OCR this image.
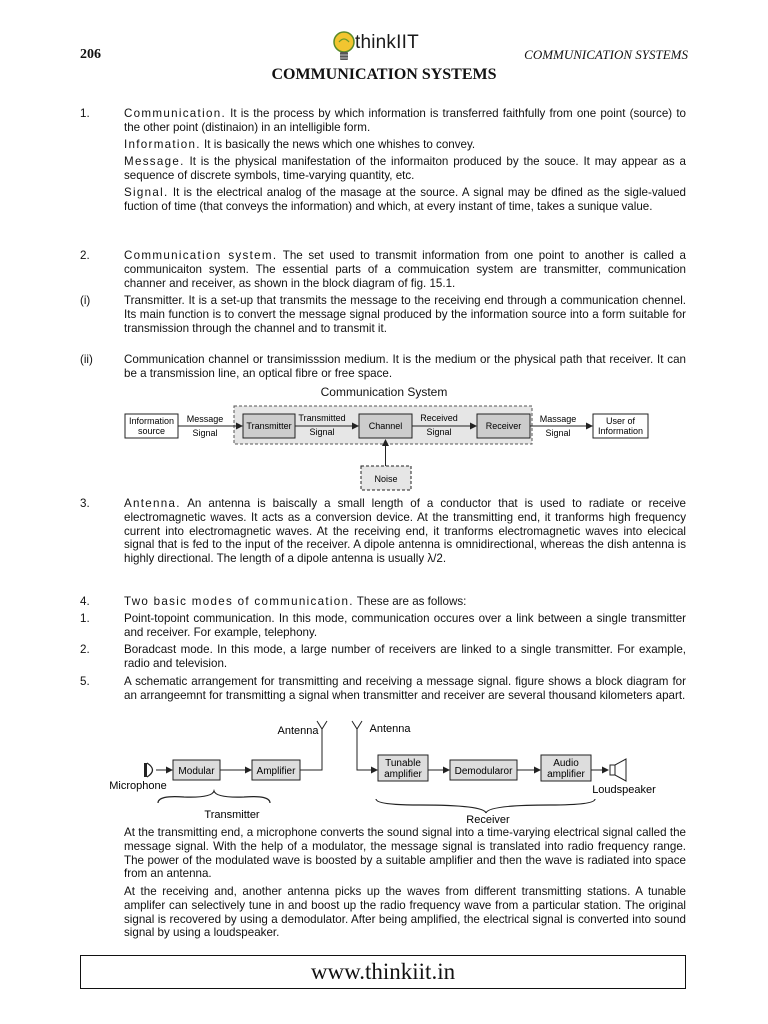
206
thinkIIT
COMMUNICATION SYSTEMS
COMMUNICATION SYSTEMS
1.	Communication. It is the process by which information is transferred faithfully from one point (source) to the other point (distinaion) in an intelligible form.
Information. It is basically the news which one whishes to convey.
Message. It is the physical manifestation of the informaiton produced by the souce. It may appear as a sequence of discrete symbols, time-varying quantity, etc.
Signal. It is the electrical analog of the masage at the source. A signal may be dfined as the sigle-valued fuction of time (that conveys the information) and which, at every instant of time, takes a sunique value.
2.	Communication system. The set used to transmit information from one point to another is called a communicaiton system. The essential parts of a commuication system are transmitter, communication channer and receiver, as shown in the block diagram of fig. 15.1.
(i)	Transmitter. It is a set-up that transmits the message to the receiving end through a communication chennel. Its main function is to convert the message signal produced by the information source into a form suitable for transmission through the channel and to transmit it.
(ii)	Communication channel or transimisssion medium. It is the medium or the physical path that receiver. It can be a transmission line, an optical fibre or free space.
Communication System
Information
source
Message
Signal
Transmitter
Transmitted
Signal
Channel
Received
Signal
Receiver
Massage
Signal
User of
Information
Noise
3.	Antenna. An antenna is baiscally a small length of a conductor that is used to radiate or receive electromagnetic waves. It acts as a conversion device. At the transmitting end, it tranforms high frequency current into electromagnetic waves. At the receiving end, it tranforms electromagnetic waves into elecical signal that is fed to the input of the receiver. A dipole antenna is omnidirectional, whereas the dish antenna is highly directional. The length of a dipole antenna is usually λ/2.
4.	Two basic modes of communication. These are as follows:
1.	Point-topoint communication. In this mode, communication occures over a link between a single transmitter and receiver. For example, telephony.
2.	Boradcast mode. In this mode, a large number of receivers are linked to a single transmitter. For example, radio and television.
5.	A schematic arrangement for transmitting and receiving a message signal. figure shows a block diagram for an arrangeemnt for transmitting a signal when transmitter and receiver are several thousand kilometers apart.
Microphone
Modular	Amplifier
Antenna
Transmitter
Antenna
Tunable
amplifier	Demodularor
Audio
amplifier
Loudspeaker
Receiver
At the transmitting end, a microphone converts the sound signal into a time-varying electrical signal called the message signal. With the help of a modulator, the message signal is translated into radio frequency range. The power of the modulated wave is boosted by a suitable amplifier and then the wave is radiated into space from an antenna.
At the receiving and, another antenna picks up the waves from different transmitting stations. A tunable amplifer can selectively tune in and boost up the radio frequency wave from a particular station. The original signal is recovered by using a demodulator. After being amplified, the electrical signal is converted into sound signal by using a loudspeaker.
www.thinkiit.in
